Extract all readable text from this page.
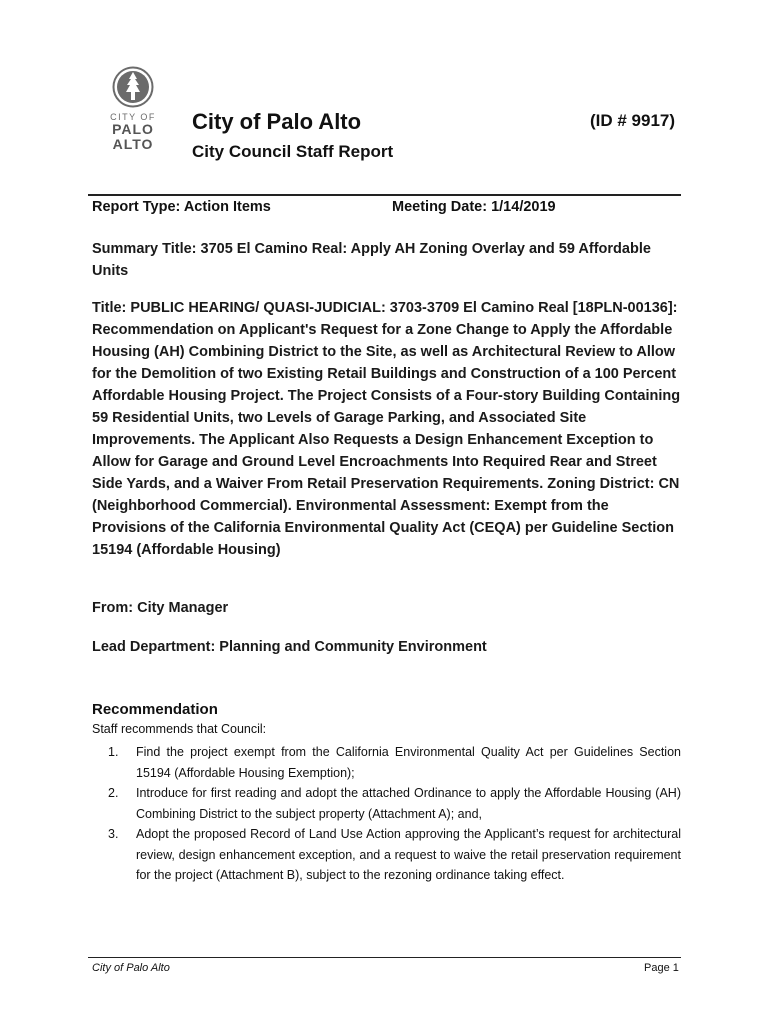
CITY OF
PALO
ALTO
City of Palo Alto	(ID # 9917)
City Council Staff Report
Report Type: Action Items	Meeting Date: 1/14/2019
Summary Title: 3705 El Camino Real: Apply AH Zoning Overlay and 59 Affordable Units
Title: PUBLIC HEARING/ QUASI-JUDICIAL: 3703-3709 El Camino Real [18PLN-00136]: Recommendation on Applicant's Request for a Zone Change to Apply the Affordable Housing (AH) Combining District to the Site, as well as Architectural Review to Allow for the Demolition of two Existing Retail Buildings and Construction of a 100 Percent Affordable Housing Project. The Project Consists of a Four-story Building Containing 59 Residential Units, two Levels of Garage Parking, and Associated Site Improvements. The Applicant Also Requests a Design Enhancement Exception to Allow for Garage and Ground Level Encroachments Into Required Rear and Street Side Yards, and a Waiver From Retail Preservation Requirements. Zoning District: CN (Neighborhood Commercial). Environmental Assessment: Exempt from the Provisions of the California Environmental Quality Act (CEQA) per Guideline Section 15194 (Affordable Housing)
From: City Manager
Lead Department: Planning and Community Environment
Recommendation
Staff recommends that Council:
1.	Find the project exempt from the California Environmental Quality Act per Guidelines Section 15194 (Affordable Housing Exemption);
2.	Introduce for first reading and adopt the attached Ordinance to apply the Affordable Housing (AH) Combining District to the subject property (Attachment A); and,
3.	Adopt the proposed Record of Land Use Action approving the Applicant’s request for architectural review, design enhancement exception, and a request to waive the retail preservation requirement for the project (Attachment B), subject to the rezoning ordinance taking effect.
City of Palo Alto	Page 1
